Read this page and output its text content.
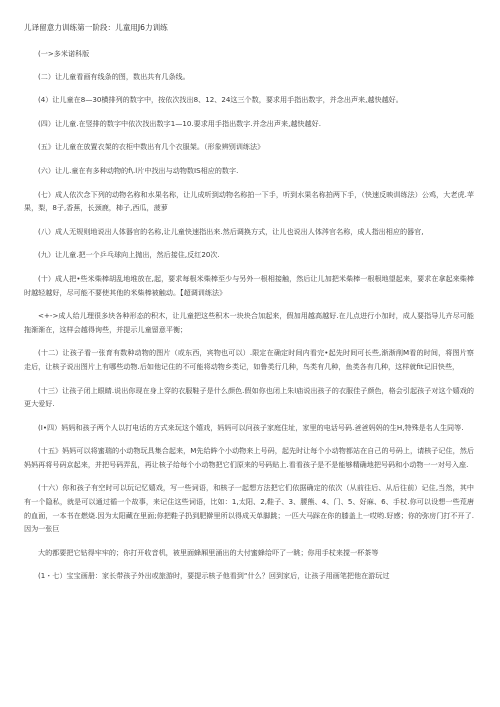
儿译留意力训练第一阶段：儿童用J6力训练

(一>多米诺科版

(二）让儿童看画有线条的图，数出共有几条线。

(4）让儿童在8—30横排列的数字中，按依次找出8、12、24这三个数，要求用手指出数字，并念出声来,越快越好。

(四）让儿童.在竖排的数字中依次找出数字1—10.要求用手指出数字.并念出声来,越快越好.

(五》让儿童在放置衣架的衣柜中数出有几个衣服架。（形象辨别训练法》

(六）让儿.童在有多种动物的f\.l片中找出与动物数IS相应的数字.

(七）成人依次念下列的动物名称和水果名称，让儿成听到动物名称拍一下手，听到水果名称拍两下手，（快速反映训练法）公鸡，大老虎.苹果，梨，8子,香蕉，长颈鹿，柿子,西瓜，菠萝

(八）成人无规则地说出人体器官的名称,让儿童快速指出来.然后调换方式，让儿也说出人体涔官名称，成人指出相应的器官,

(九）让儿童.把一个乒乓球向上抛出，然后接住,反红20次.

(十）成人把•些米柴棒胡乱地堆放在,起，要求每根米柴棒至少与另外一根相接触，然后让儿加把米柴棒一根根地望起来，要求在拿起来柴棒时越轻越好，尽可能不要使其他的米柴棒被触动。【超调训练法》

<+->成人给儿理很多块各种形态的积木，让儿童把这些积木一块块合加起来，假加用越高越好.在儿点进行小加时，成人要指导儿卉尽可能拖渐渐在，这样会越得询些，并提示儿童留意平衡；

(十二）让孩子看一张育有数种动物的图片（或东西，宾物也可以）.限定在确定时间内看完•起先时间可长些,渐渐削M看的时间，将图片察走后，让核子说出图片上有哪些动物.后如他记住的不可能将动物乡类记，如鲁类行几种，鸟类有几种，鱼类各有几种，这样就fit记旧快些，

(十三）让孩子闭上眼睛.说出你现在身上穿的衣服鞋子是什么颜色.假如你也闭上朱l庙说出孩子的衣服佳子颜色，格会引起孩子对这个嬉戏的更大爱好.

(I•四）妈妈和孩子两个人以打电话的方式来玩这个嬉戏，妈妈可以问孩子家庭住址，家里的电话号码.爸爸妈妈的生H,特殊是名人生同等.

(十五》妈妈可以将蜜瑞的小动物玩具集合起来，M先给眸个小动物来上号码，起先时让每个小动物都站在自己的号码上，请核子记住，然后妈妈再将号码京起来，并把号码弄乱，再让核子给每个小动物把它们原来的号码贴上.看看孩子是不是能够精确地把号码和小动物一一对号入座.

(十六）你和孩子有空时可以玩记忆嬉戏，写一些词语，和核子一起想方法把它们依据确定的依次（从前往后、从后往前）记住,当然，其中有一个隐私，就是可以通过循一个故事，来记住这些词语，比如：1,太阳、2,鞋子、3、腰熊、4、门、5、好麻、6、手杖.你可以设想一些荒唐的血面，一本书在燃烧.因为太阳藏在里面;你把鞋子扔到肥擀里所以得成天单脚跳；一匹大马踩在你的膝盖上一哎哟.好感；你的弥房门打不开了.因为一张巨

大的都要把它钻得牢牢的；你打开收音机，被里面蜂厢里涌出的大付蜜蜂给吓了一眺；你用手杖来搅一杯茶等

(1・七）宝宝画册：家长带孩子外出或旅游时，要提示核子他看到“什么？回到家后，让孩子用画笔把他在游玩过
